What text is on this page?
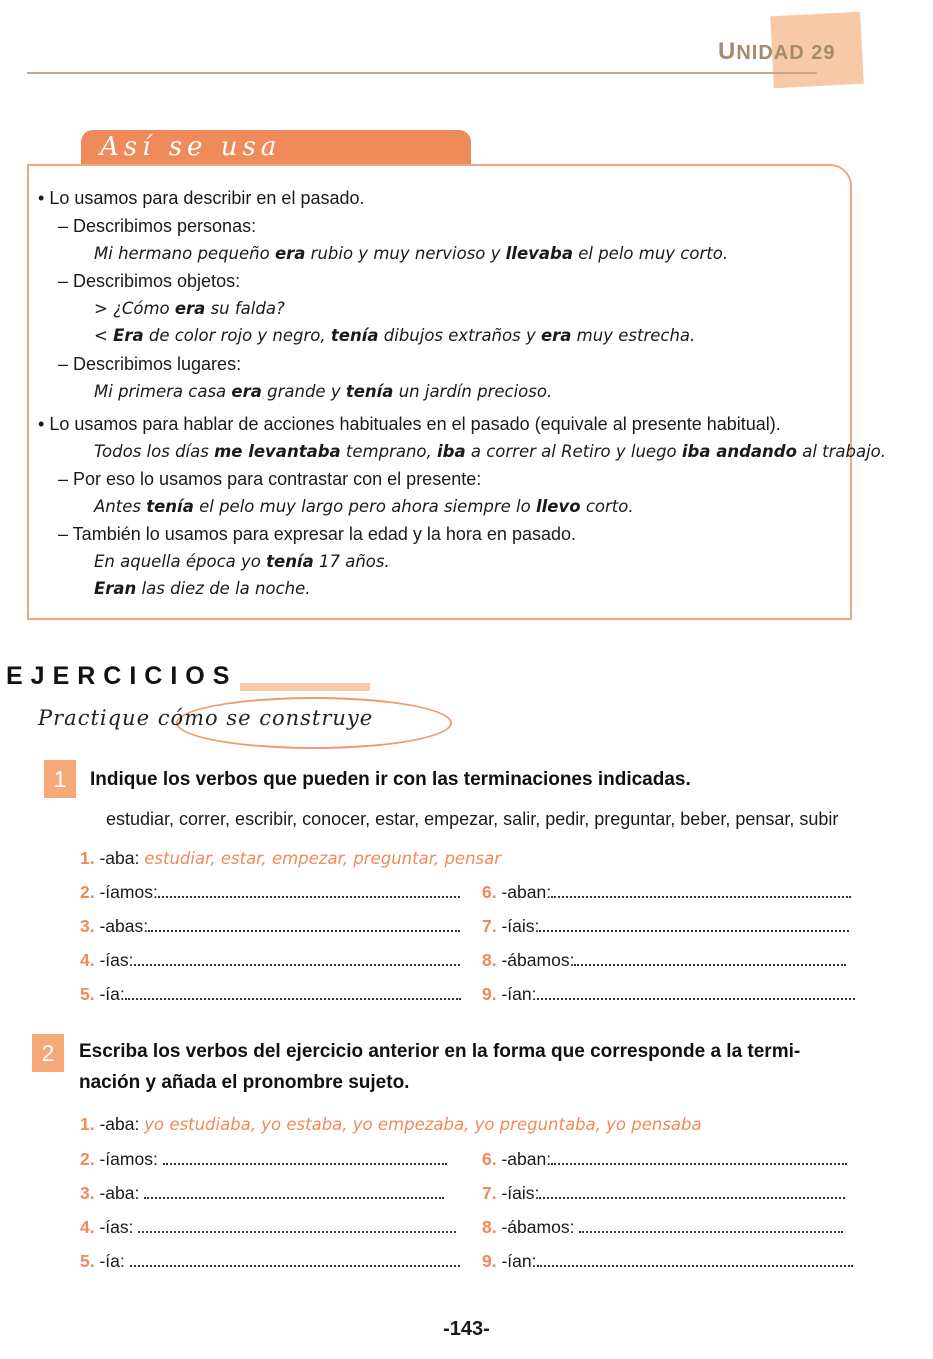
UNIDAD 29
Así se usa
• Lo usamos para describir en el pasado.
– Describimos personas:
Mi hermano pequeño era rubio y muy nervioso y llevaba el pelo muy corto.
– Describimos objetos:
> ¿Cómo era su falda?
< Era de color rojo y negro, tenía dibujos extraños y era muy estrecha.
– Describimos lugares:
Mi primera casa era grande y tenía un jardín precioso.
• Lo usamos para hablar de acciones habituales en el pasado (equivale al presente habitual).
Todos los días me levantaba temprano, iba a correr al Retiro y luego iba andando al trabajo.
– Por eso lo usamos para contrastar con el presente:
Antes tenía el pelo muy largo pero ahora siempre lo llevo corto.
– También lo usamos para expresar la edad y la hora en pasado.
En aquella época yo tenía 17 años.
Eran las diez de la noche.
EJERCICIOS
Practique cómo se construye
1	Indique los verbos que pueden ir con las terminaciones indicadas.
estudiar, correr, escribir, conocer, estar, empezar, salir, pedir, preguntar, beber, pensar, subir
1. -aba: estudiar, estar, empezar, preguntar, pensar
2. -íamos:
3. -abas:
4. -ías:
5. -ía:
6. -aban:
7. -íais:
8. -ábamos:
9. -ían:
2	Escriba los verbos del ejercicio anterior en la forma que corresponde a la termi-
nación y añada el pronombre sujeto.
1. -aba: yo estudiaba, yo estaba, yo empezaba, yo preguntaba, yo pensaba
2. -íamos:
3. -aba:
4. -ías:
5. -ía:
6. -aban:
7. -íais:
8. -ábamos:
9. -ían:
-143-
